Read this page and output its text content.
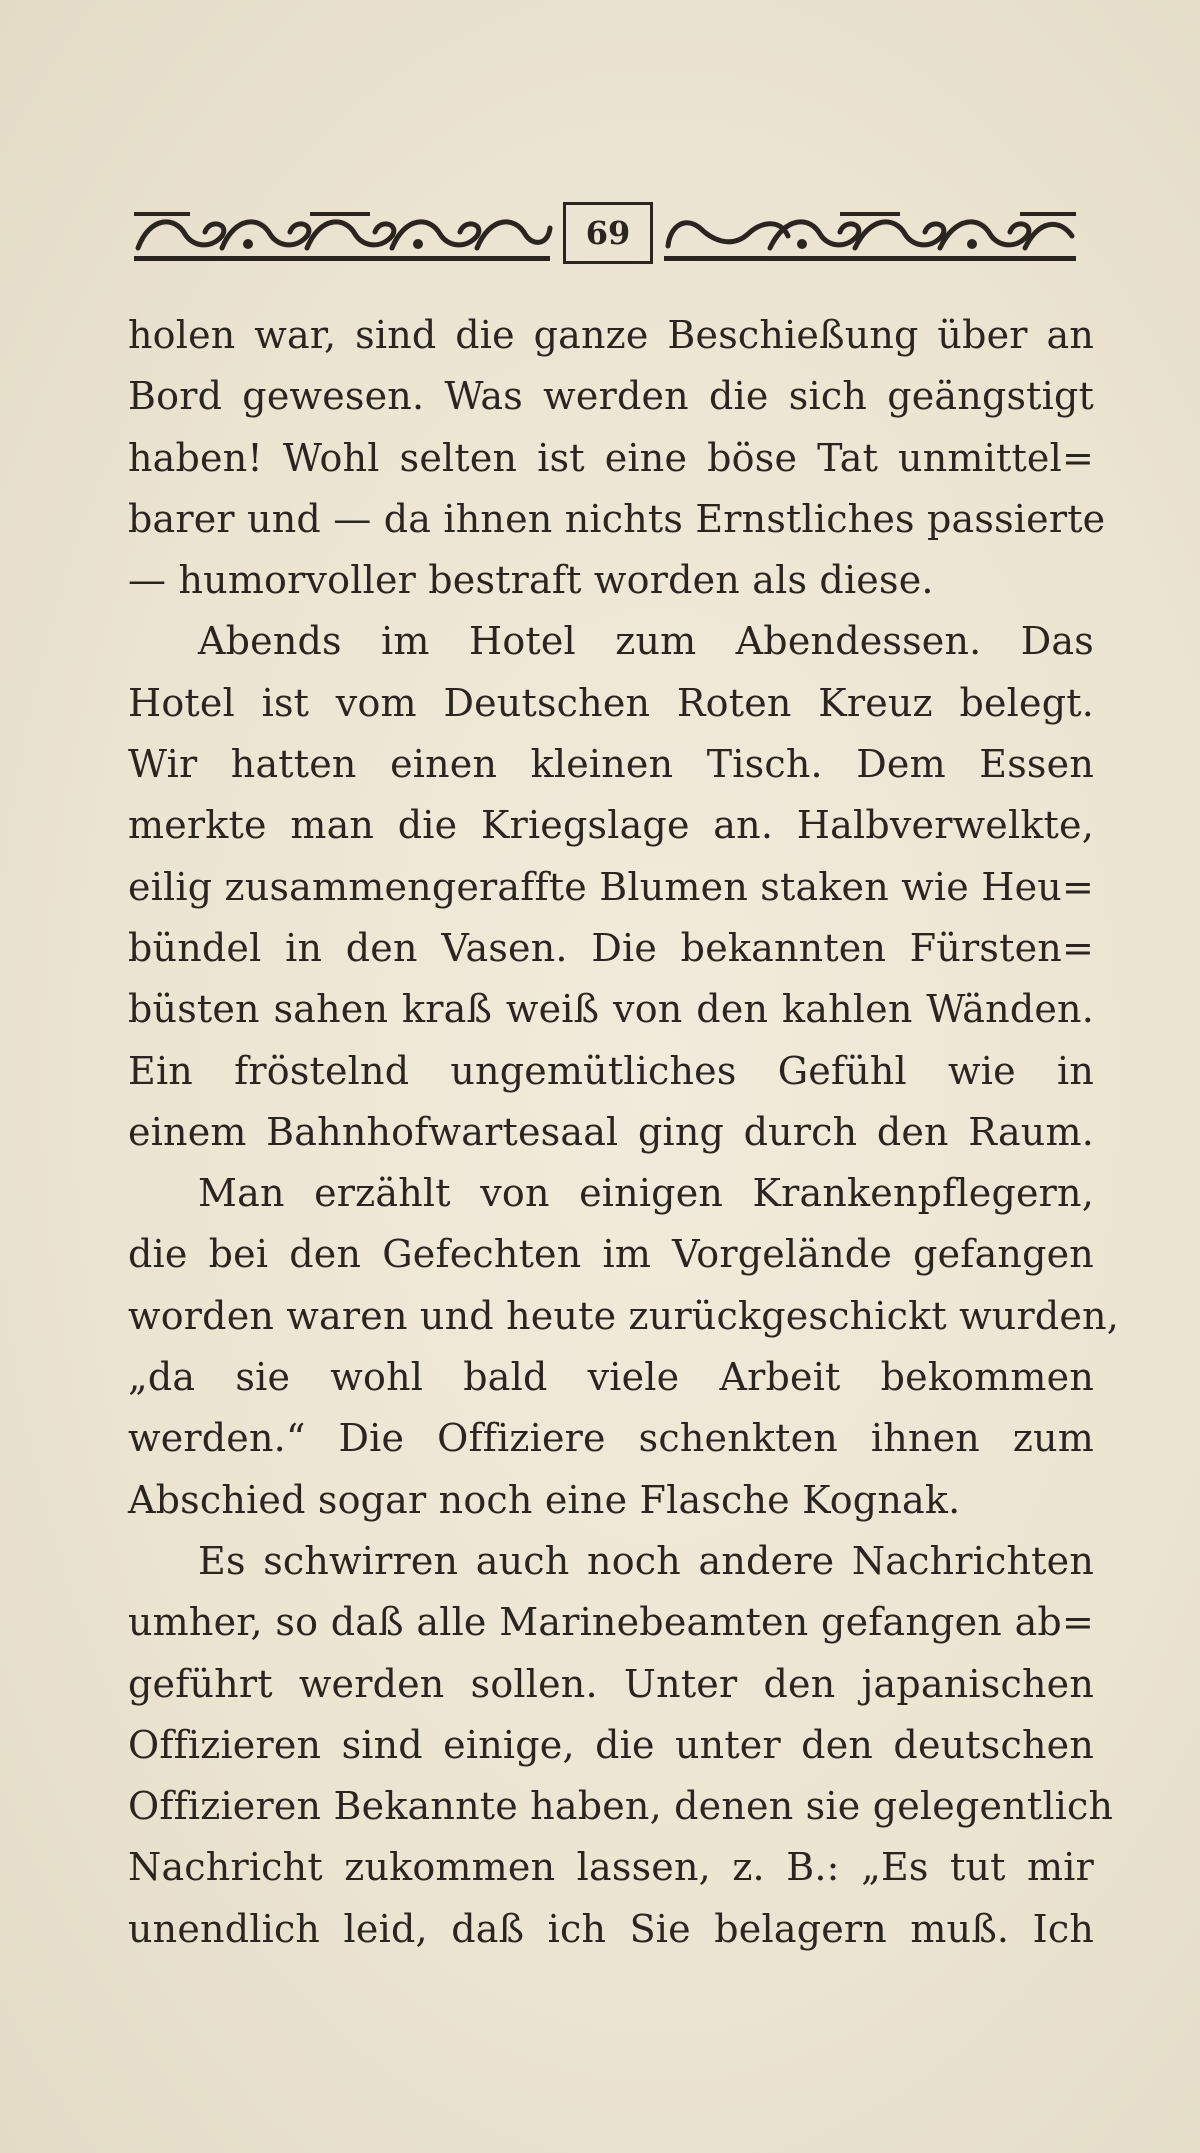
69
holen war, sind die ganze Beschießung über an
Bord gewesen. Was werden die sich geängstigt
haben! Wohl selten ist eine böse Tat unmittel=
barer und — da ihnen nichts Ernstliches passierte
— humorvoller bestraft worden als diese.
Abends im Hotel zum Abendessen. Das
Hotel ist vom Deutschen Roten Kreuz belegt.
Wir hatten einen kleinen Tisch. Dem Essen
merkte man die Kriegslage an. Halbverwelkte,
eilig zusammengeraffte Blumen staken wie Heu=
bündel in den Vasen. Die bekannten Fürsten=
büsten sahen kraß weiß von den kahlen Wänden.
Ein fröstelnd ungemütliches Gefühl wie in
einem Bahnhofwartesaal ging durch den Raum.
Man erzählt von einigen Krankenpflegern,
die bei den Gefechten im Vorgelände gefangen
worden waren und heute zurückgeschickt wurden,
„da sie wohl bald viele Arbeit bekommen
werden.“ Die Offiziere schenkten ihnen zum
Abschied sogar noch eine Flasche Kognak.
Es schwirren auch noch andere Nachrichten
umher, so daß alle Marinebeamten gefangen ab=
geführt werden sollen. Unter den japanischen
Offizieren sind einige, die unter den deutschen
Offizieren Bekannte haben, denen sie gelegentlich
Nachricht zukommen lassen, z. B.: „Es tut mir
unendlich leid, daß ich Sie belagern muß. Ich
